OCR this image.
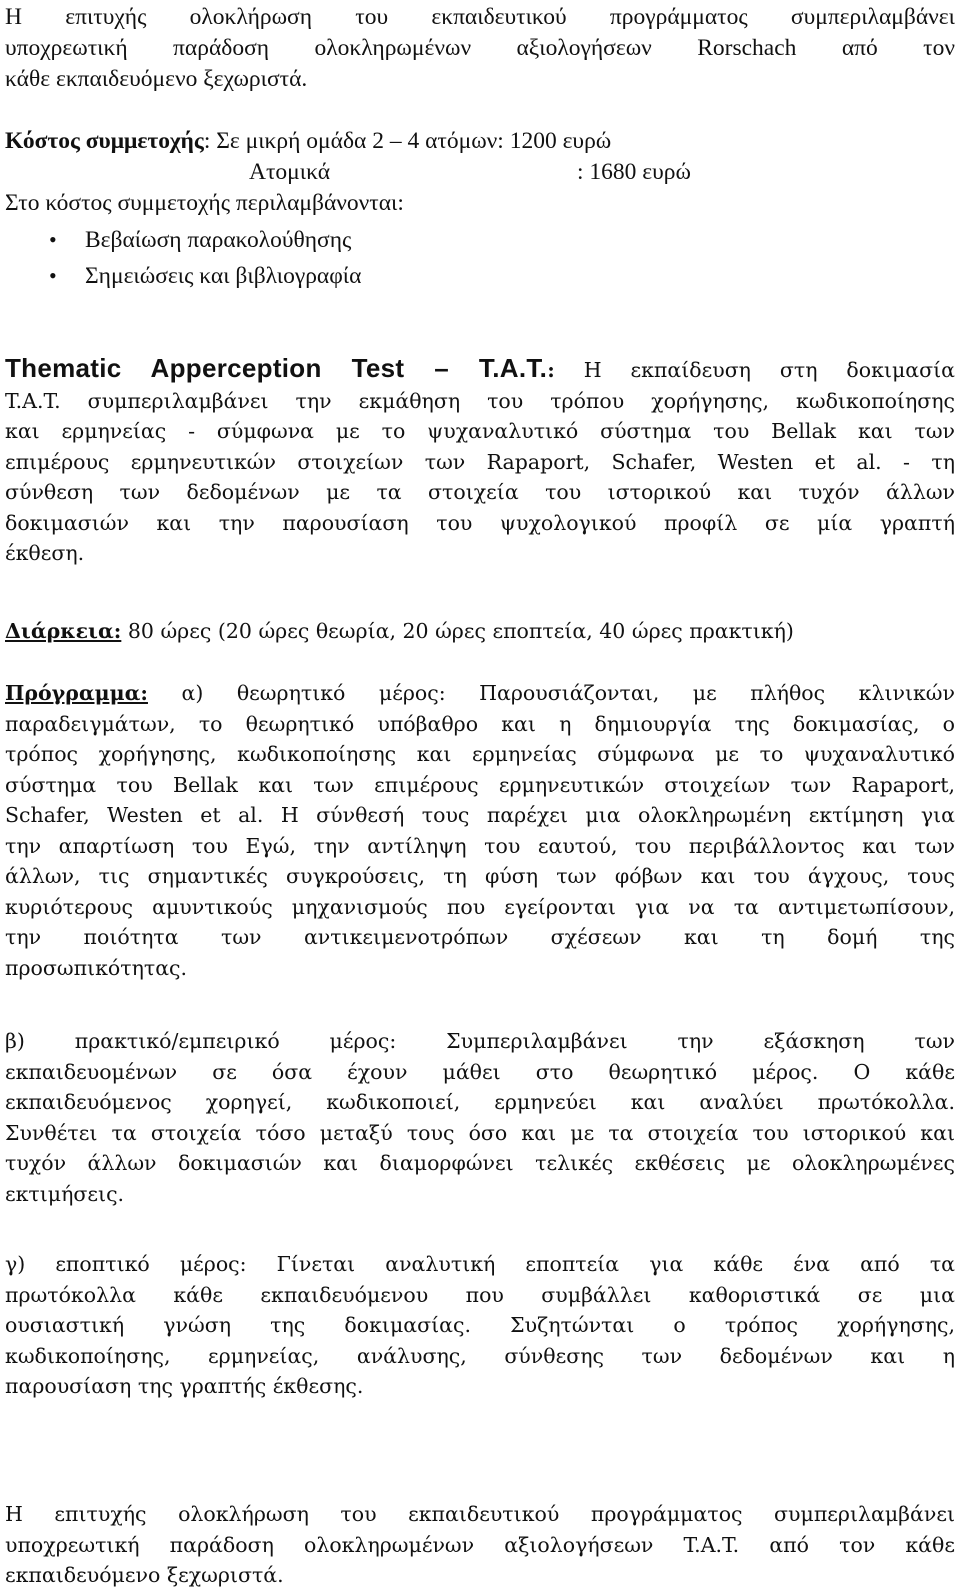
Η επιτυχής ολοκλήρωση του εκπαιδευτικού προγράμματος συμπεριλαμβάνει
υποχρεωτική παράδοση ολοκληρωμένων αξιολογήσεων Rorschach από τον
κάθε εκπαιδευόμενο ξεχωριστά.
Κόστος συμμετοχής: Σε μικρή ομάδα 2 – 4 ατόμων: 1200 ευρώ
Ατομικά	: 1680 ευρώ
Στο κόστος συμμετοχής περιλαμβάνονται:
• Βεβαίωση παρακολούθησης
• Σημειώσεις και βιβλιογραφία
Thematic Apperception Test – T.A.T.: Η εκπαίδευση στη δοκιμασία
T.A.T. συμπεριλαμβάνει την εκμάθηση του τρόπου χορήγησης, κωδικοποίησης
και ερμηνείας - σύμφωνα με το ψυχαναλυτικό σύστημα του Bellak και των
επιμέρους ερμηνευτικών στοιχείων των Rapaport, Schafer, Westen et al. - τη
σύνθεση των δεδομένων με τα στοιχεία του ιστορικού και τυχόν άλλων
δοκιμασιών και την παρουσίαση του ψυχολογικού προφίλ σε μία γραπτή
έκθεση.
Διάρκεια: 80 ώρες (20 ώρες θεωρία, 20 ώρες εποπτεία, 40 ώρες πρακτική)
Πρόγραμμα: α) θεωρητικό μέρος: Παρουσιάζονται, με πλήθος κλινικών
παραδειγμάτων, το θεωρητικό υπόβαθρο και η δημιουργία της δοκιμασίας, ο
τρόπος χορήγησης, κωδικοποίησης και ερμηνείας σύμφωνα με το ψυχαναλυτικό
σύστημα του Bellak και των επιμέρους ερμηνευτικών στοιχείων των Rapaport,
Schafer, Westen et al. Η σύνθεσή τους παρέχει μια ολοκληρωμένη εκτίμηση για
την απαρτίωση του Εγώ, την αντίληψη του εαυτού, του περιβάλλοντος και των
άλλων, τις σημαντικές συγκρούσεις, τη φύση των φόβων και του άγχους, τους
κυριότερους αμυντικούς μηχανισμούς που εγείρονται για να τα αντιμετωπίσουν,
την ποιότητα των αντικειμενοτρόπων σχέσεων και τη δομή της
προσωπικότητας.
β) πρακτικό/εμπειρικό μέρος: Συμπεριλαμβάνει την εξάσκηση των
εκπαιδευομένων σε όσα έχουν μάθει στο θεωρητικό μέρος. Ο κάθε
εκπαιδευόμενος χορηγεί, κωδικοποιεί, ερμηνεύει και αναλύει πρωτόκολλα.
Συνθέτει τα στοιχεία τόσο μεταξύ τους όσο και με τα στοιχεία του ιστορικού και
τυχόν άλλων δοκιμασιών και διαμορφώνει τελικές εκθέσεις με ολοκληρωμένες
εκτιμήσεις.
γ) εποπτικό μέρος: Γίνεται αναλυτική εποπτεία για κάθε ένα από τα
πρωτόκολλα κάθε εκπαιδευόμενου που συμβάλλει καθοριστικά σε μια
ουσιαστική γνώση της δοκιμασίας. Συζητώνται ο τρόπος χορήγησης,
κωδικοποίησης, ερμηνείας, ανάλυσης, σύνθεσης των δεδομένων και η
παρουσίαση της γραπτής έκθεσης.
Η επιτυχής ολοκλήρωση του εκπαιδευτικού προγράμματος συμπεριλαμβάνει
υποχρεωτική παράδοση ολοκληρωμένων αξιολογήσεων T.A.T. από τον κάθε
εκπαιδευόμενο ξεχωριστά.
